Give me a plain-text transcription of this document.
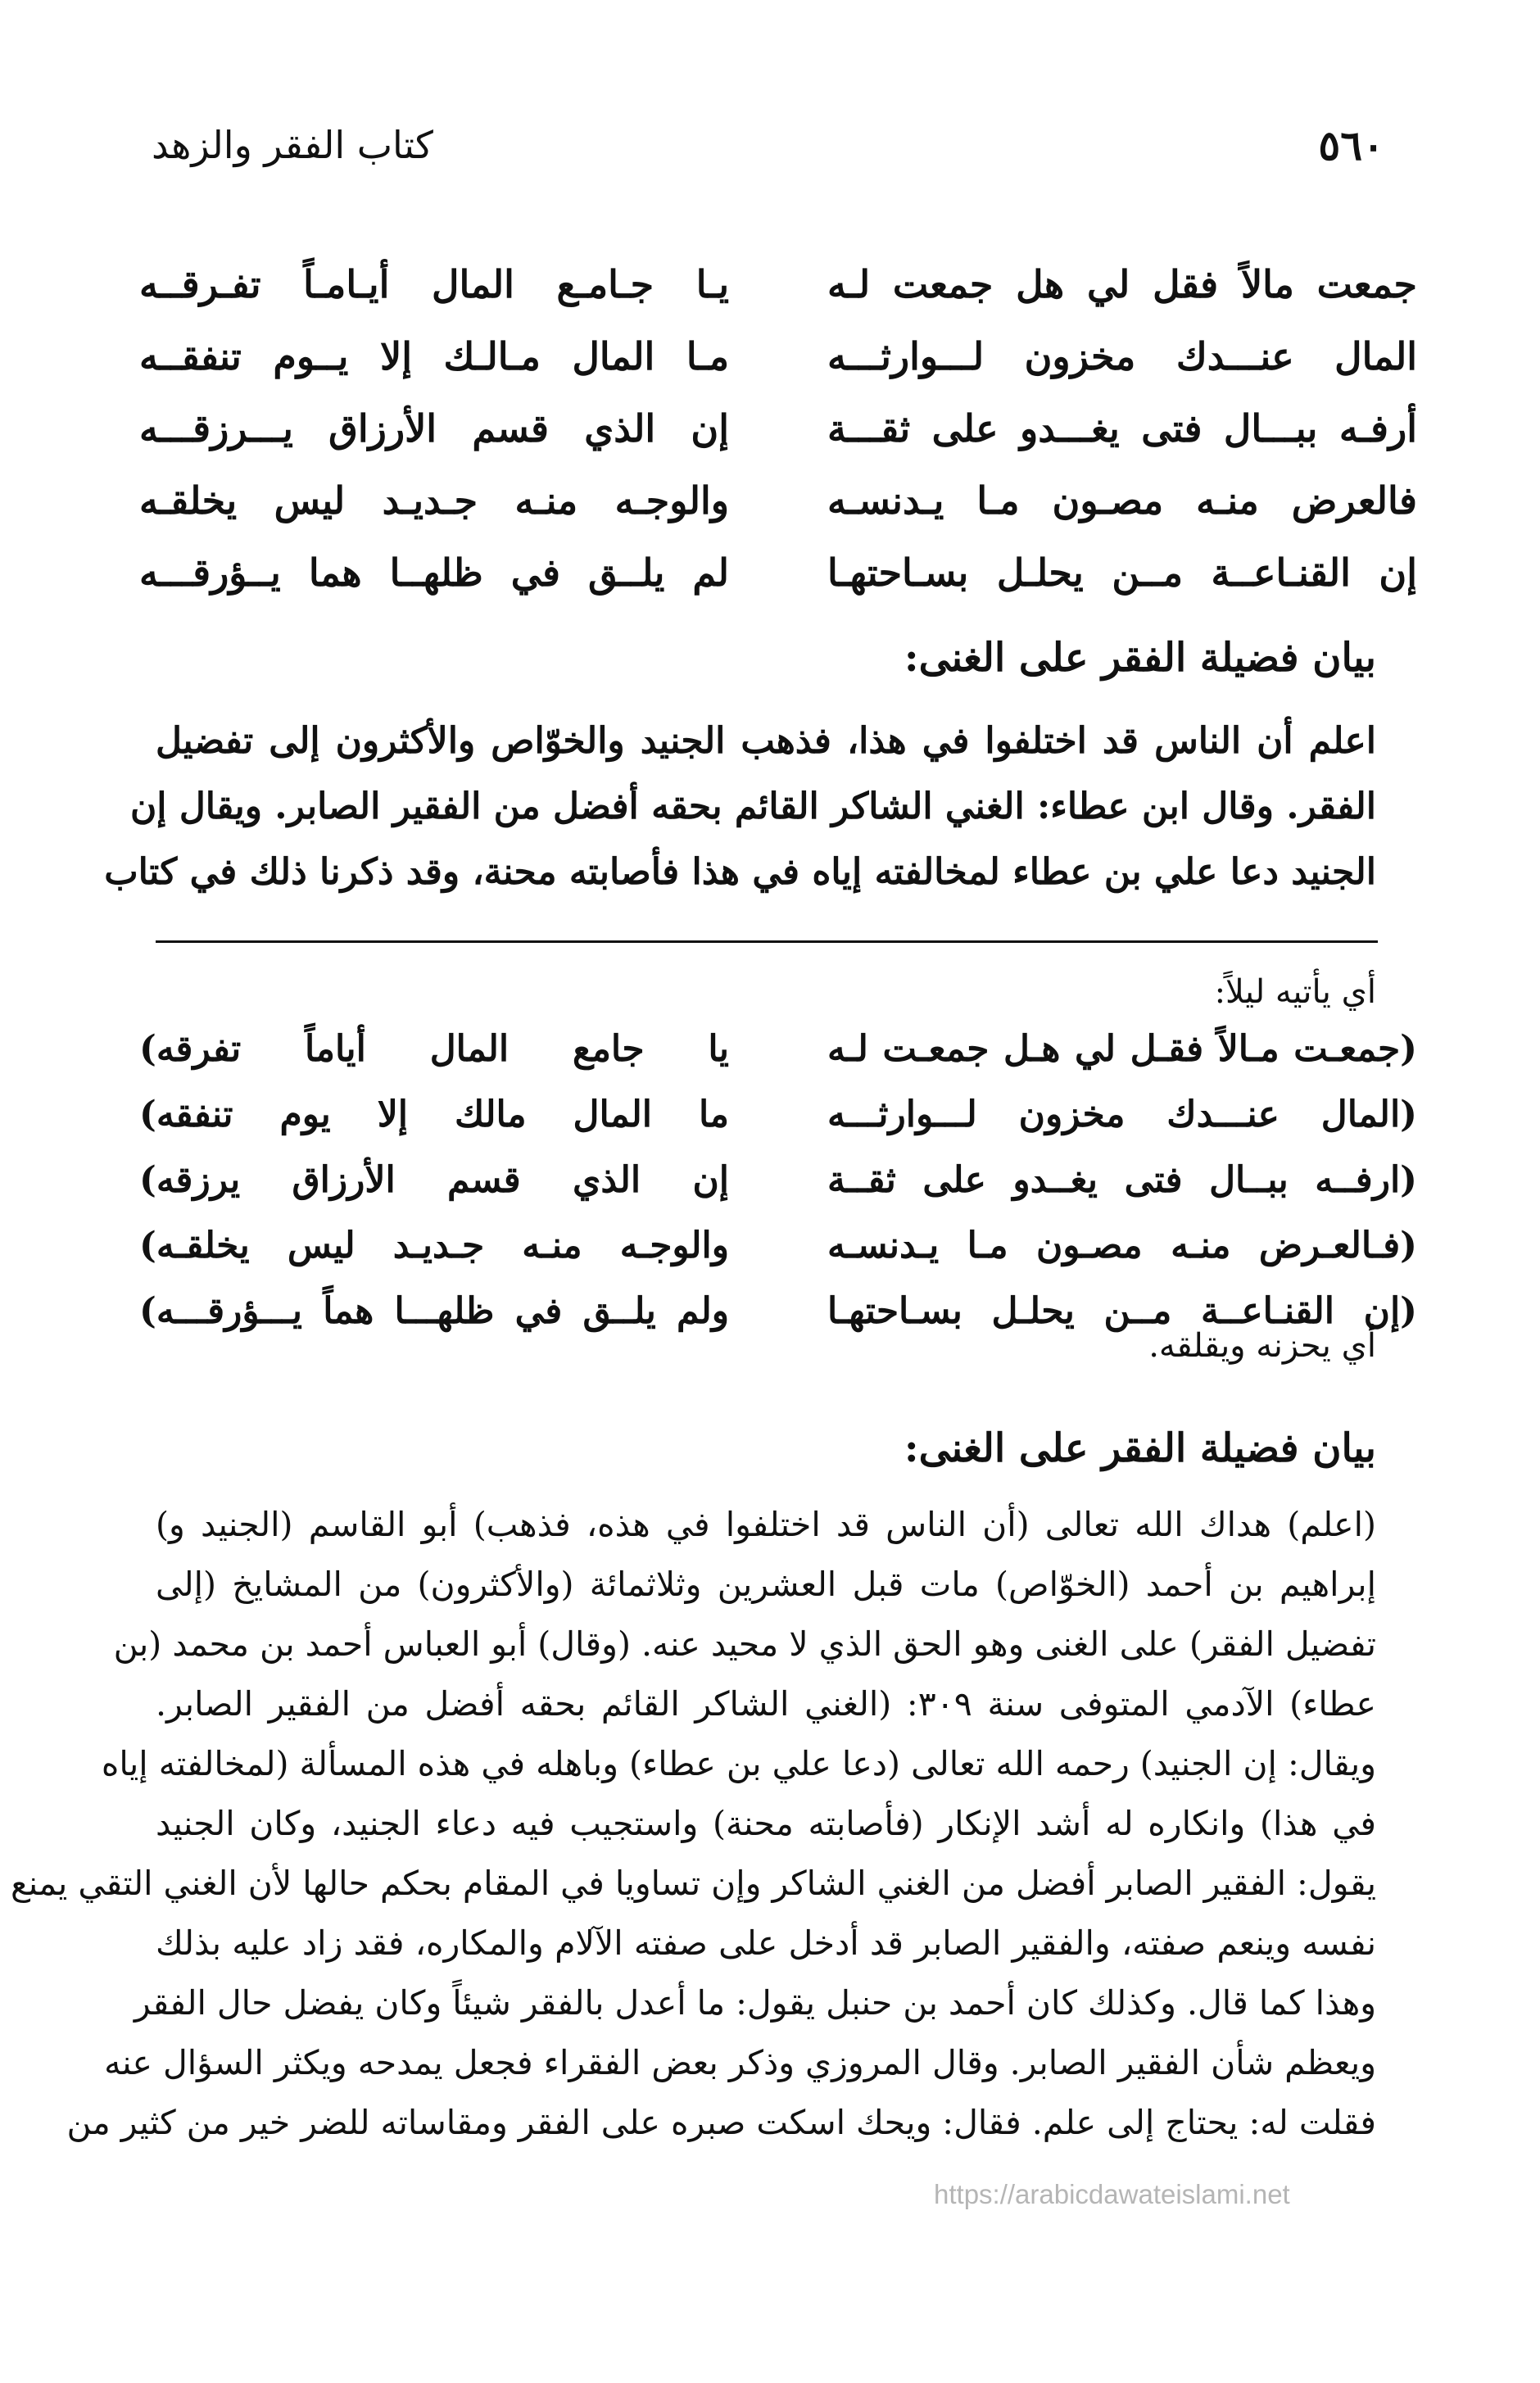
٥٦٠
كتاب الفقر والزهد
جمعت مالاً فقل لي هل جمعت لـه
يـا جـامـع المال أيـامـاً تفـرقــه
المال عنـــدك مخزون لـــوارثـــه
مـا المال مـالـك إلا يــوم تنفقــه
أرفـه ببـــال فتى يغـــدو على ثقـــة
إن الذي قسم الأرزاق يـــرزقـــه
فالعرض منـه مصـون مـا يـدنسـه
والوجـه منـه جـديـد ليس يخلقـه
إن القنـاعــة مــن يحلـل بسـاحتهـا
لم يلــق في ظلهــا هما يــؤرقـــه
بيان فضيلة الفقر على الغنى:

اعلم أن الناس قد اختلفوا في هذا، فذهب الجنيد والخوّاص والأكثرون إلى تفضيل

الفقر. وقال ابن عطاء: الغني الشاكر القائم بحقه أفضل من الفقير الصابر. ويقال إن

الجنيد دعا علي بن عطاء لمخالفته إياه في هذا فأصابته محنة، وقد ذكرنا ذلك في كتاب

أي يأتيه ليلاً:
(جمعـت مـالاً فقـل لي هـل جمعـت لـه
يا جامع المال أياماً تفرقه)
(المال عنـــدك مخزون لـــوارثـــه
ما المال مالك إلا يوم تنفقه)
(ارفــه ببــال فتى يغــدو على ثقــة
إن الذي قسم الأرزاق يرزقه)
(فـالعـرض منـه مصـون مـا يـدنسـه
والوجـه منـه جـديـد ليس يخلقـه)
(إن القنـاعــة مــن يحلـل بسـاحتهـا
ولم يلــق في ظلهـــا هماً يـــؤرقـــه)
أي يحزنه ويقلقه.
بيان فضيلة الفقر على الغنى:

(اعلم) هداك الله تعالى (أن الناس قد اختلفوا في هذه، فذهب) أبو القاسم (الجنيد و)

إبراهيم بن أحمد (الخوّاص) مات قبل العشرين وثلاثمائة (والأكثرون) من المشايخ (إلى

تفضيل الفقر) على الغنى وهو الحق الذي لا محيد عنه. (وقال) أبو العباس أحمد بن محمد (بن

عطاء) الآدمي المتوفى سنة ٣٠٩: (الغني الشاكر القائم بحقه أفضل من الفقير الصابر.

ويقال: إن الجنيد) رحمه الله تعالى (دعا علي بن عطاء) وباهله في هذه المسألة (لمخالفته إياه

في هذا) وانكاره له أشد الإنكار (فأصابته محنة) واستجيب فيه دعاء الجنيد، وكان الجنيد

يقول: الفقير الصابر أفضل من الغني الشاكر وإن تساويا في المقام بحكم حالها لأن الغني التقي يمنع

نفسه وينعم صفته، والفقير الصابر قد أدخل على صفته الآلام والمكاره، فقد زاد عليه بذلك

وهذا كما قال. وكذلك كان أحمد بن حنبل يقول: ما أعدل بالفقر شيئاً وكان يفضل حال الفقر

ويعظم شأن الفقير الصابر. وقال المروزي وذكر بعض الفقراء فجعل يمدحه ويكثر السؤال عنه

فقلت له: يحتاج إلى علم. فقال: ويحك اسكت صبره على الفقر ومقاساته للضر خير من كثير من

https://arabicdawateislami.net
